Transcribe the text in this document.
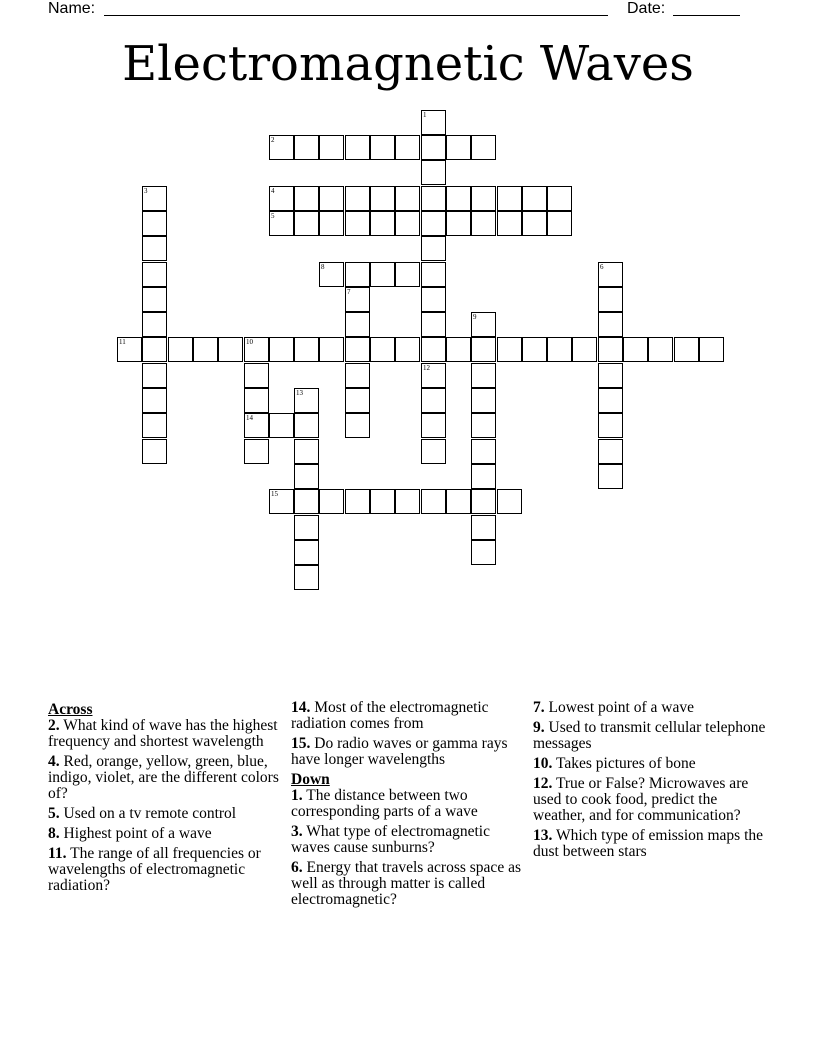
Name:	Date:
Electromagnetic Waves
2
4
5
8
11	10
14
15
1
3
6
7
9
12
13
Across
2. What kind of wave has the highest frequency and shortest wavelength
4. Red, orange, yellow, green, blue, indigo, violet, are the different colors of?
5. Used on a tv remote control
8. Highest point of a wave
11. The range of all frequencies or wavelengths of electromagnetic radiation?
14. Most of the electromagnetic radiation comes from
15. Do radio waves or gamma rays have longer wavelengths
Down
1. The distance between two corresponding parts of a wave
3. What type of electromagnetic waves cause sunburns?
6. Energy that travels across space as well as through matter is called electromagnetic?
7. Lowest point of a wave
9. Used to transmit cellular telephone messages
10. Takes pictures of bone
12. True or False? Microwaves are used to cook food, predict the weather, and for communication?
13. Which type of emission maps the dust between stars
